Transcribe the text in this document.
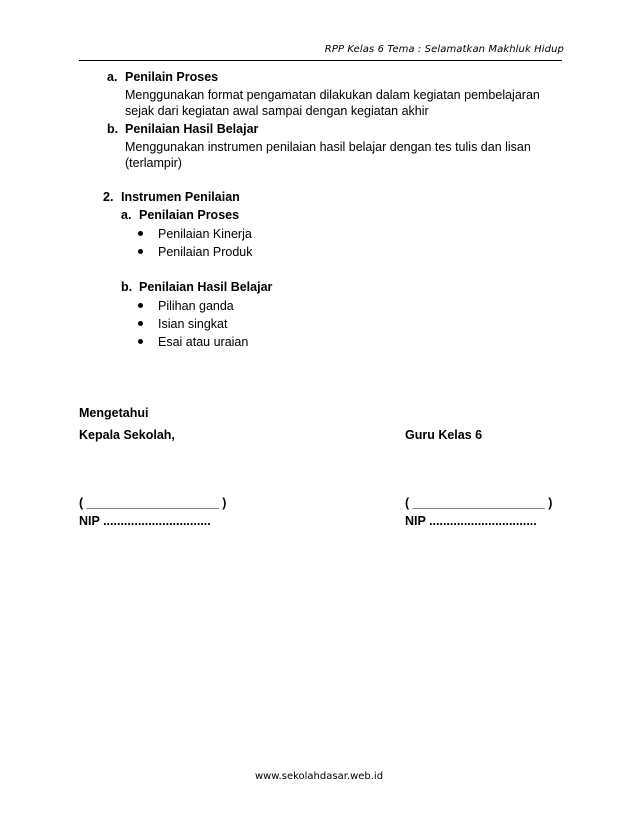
RPP Kelas 6 Tema : Selamatkan Makhluk Hidup
a. Penilain Proses
Menggunakan format pengamatan dilakukan dalam kegiatan pembelajaran
sejak dari kegiatan awal sampai dengan kegiatan akhir
b. Penilaian Hasil Belajar
Menggunakan instrumen penilaian hasil belajar dengan tes tulis dan lisan
(terlampir)
2. Instrumen Penilaian
a. Penilaian Proses
Penilaian Kinerja
Penilaian Produk
b. Penilaian Hasil Belajar
Pilihan ganda
Isian singkat
Esai atau uraian
Mengetahui
Kepala Sekolah,	Guru Kelas 6
( ___________________ )	( ___________________ )
NIP ...............................	NIP ...............................
www.sekolahdasar.web.id
